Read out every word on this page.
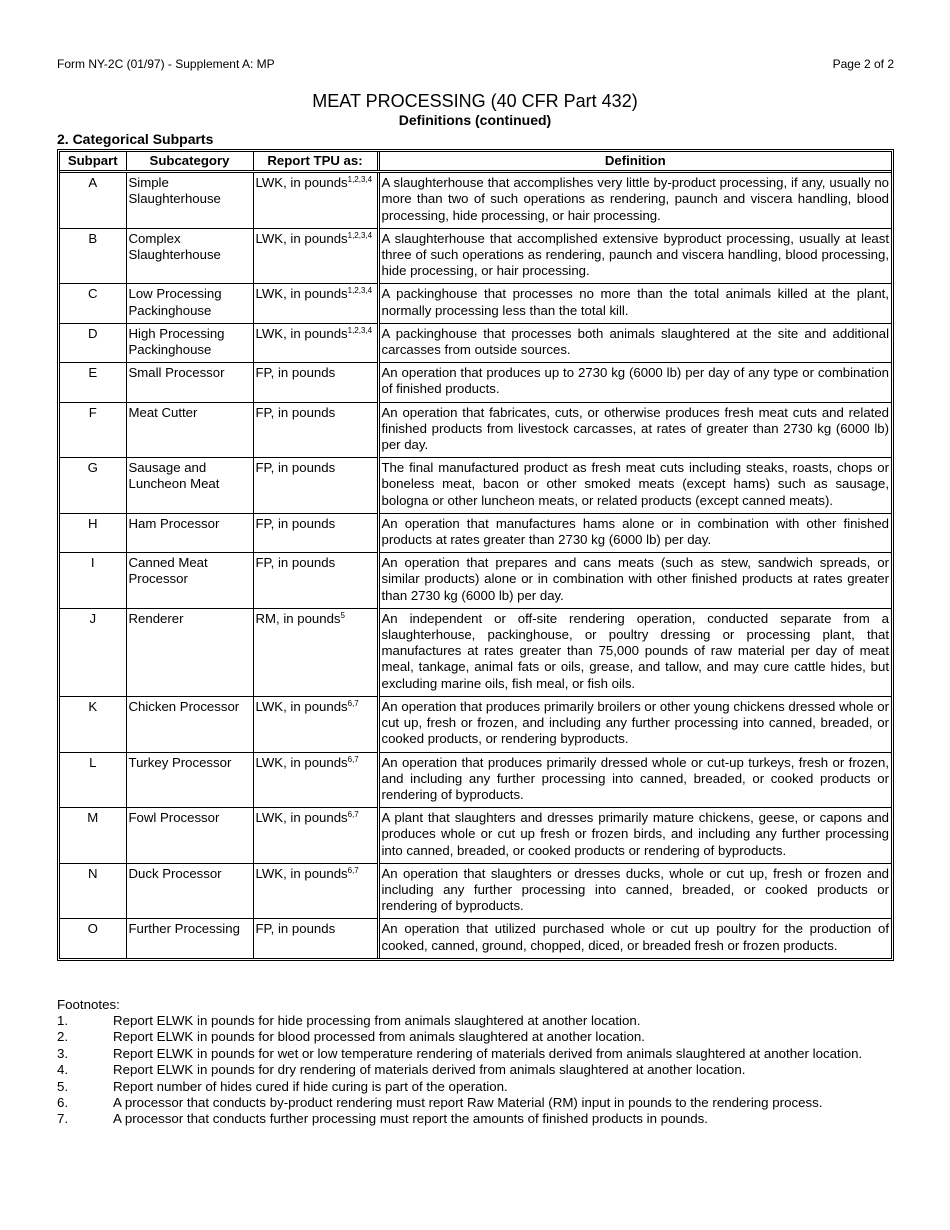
Form NY-2C (01/97) - Supplement A: MP	Page 2 of 2
MEAT PROCESSING (40 CFR Part 432)
Definitions (continued)
2. Categorical Subparts
Subpart	Subcategory	Report TPU as:	Definition
A	Simple Slaughterhouse	LWK, in pounds$^{1,2,3,4}$	A slaughterhouse that accomplishes very little by-product processing, if any, usually no more than two of such operations as rendering, paunch and viscera handling, blood processing, hide processing, or hair processing.
B	Complex Slaughterhouse	LWK, in pounds$^{1,2,3,4}$	A slaughterhouse that accomplished extensive byproduct processing, usually at least three of such operations as rendering, paunch and viscera handling, blood processing, hide processing, or hair processing.
C	Low Processing Packinghouse	LWK, in pounds$^{1,2,3,4}$	A packinghouse that processes no more than the total animals killed at the plant, normally processing less than the total kill.
D	High Processing Packinghouse	LWK, in pounds$^{1,2,3,4}$	A packinghouse that processes both animals slaughtered at the site and additional carcasses from outside sources.
E	Small Processor	FP, in pounds	An operation that produces up to 2730 kg (6000 lb) per day of any type or combination of finished products.
F	Meat Cutter	FP, in pounds	An operation that fabricates, cuts, or otherwise produces fresh meat cuts and related finished products from livestock carcasses, at rates of greater than 2730 kg (6000 lb) per day.
G	Sausage and Luncheon Meat	FP, in pounds	The final manufactured product as fresh meat cuts including steaks, roasts, chops or boneless meat, bacon or other smoked meats (except hams) such as sausage, bologna or other luncheon meats, or related products (except canned meats).
H	Ham Processor	FP, in pounds	An operation that manufactures hams alone or in combination with other finished products at rates greater than 2730 kg (6000 lb) per day.
I	Canned Meat Processor	FP, in pounds	An operation that prepares and cans meats (such as stew, sandwich spreads, or similar products) alone or in combination with other finished products at rates greater than 2730 kg (6000 lb) per day.
J	Renderer	RM, in pounds$^5$	An independent or off-site rendering operation, conducted separate from a slaughterhouse, packinghouse, or poultry dressing or processing plant, that manufactures at rates greater than 75,000 pounds of raw material per day of meat meal, tankage, animal fats or oils, grease, and tallow, and may cure cattle hides, but excluding marine oils, fish meal, or fish oils.
K	Chicken Processor	LWK, in pounds$^{6,7}$	An operation that produces primarily broilers or other young chickens dressed whole or cut up, fresh or frozen, and including any further processing into canned, breaded, or cooked products, or rendering byproducts.
L	Turkey Processor	LWK, in pounds$^{6,7}$	An operation that produces primarily dressed whole or cut-up turkeys, fresh or frozen, and including any further processing into canned, breaded, or cooked products or rendering of byproducts.
M	Fowl Processor	LWK, in pounds$^{6,7}$	A plant that slaughters and dresses primarily mature chickens, geese, or capons and produces whole or cut up fresh or frozen birds, and including any further processing into canned, breaded, or cooked products or rendering of byproducts.
N	Duck Processor	LWK, in pounds$^{6,7}$	An operation that slaughters or dresses ducks, whole or cut up, fresh or frozen and including any further processing into canned, breaded, or cooked products or rendering of byproducts.
O	Further Processing	FP, in pounds	An operation that utilized purchased whole or cut up poultry for the production of cooked, canned, ground, chopped, diced, or breaded fresh or frozen products.
Footnotes:
1.	Report ELWK in pounds for hide processing from animals slaughtered at another location.
2.	Report ELWK in pounds for blood processed from animals slaughtered at another location.
3.	Report ELWK in pounds for wet or low temperature rendering of materials derived from animals slaughtered at another location.
4.	Report ELWK in pounds for dry rendering of materials derived from animals slaughtered at another location.
5.	Report number of hides cured if hide curing is part of the operation.
6.	A processor that conducts by-product rendering must report Raw Material (RM) input in pounds to the rendering process.
7.	A processor that conducts further processing must report the amounts of finished products in pounds.
